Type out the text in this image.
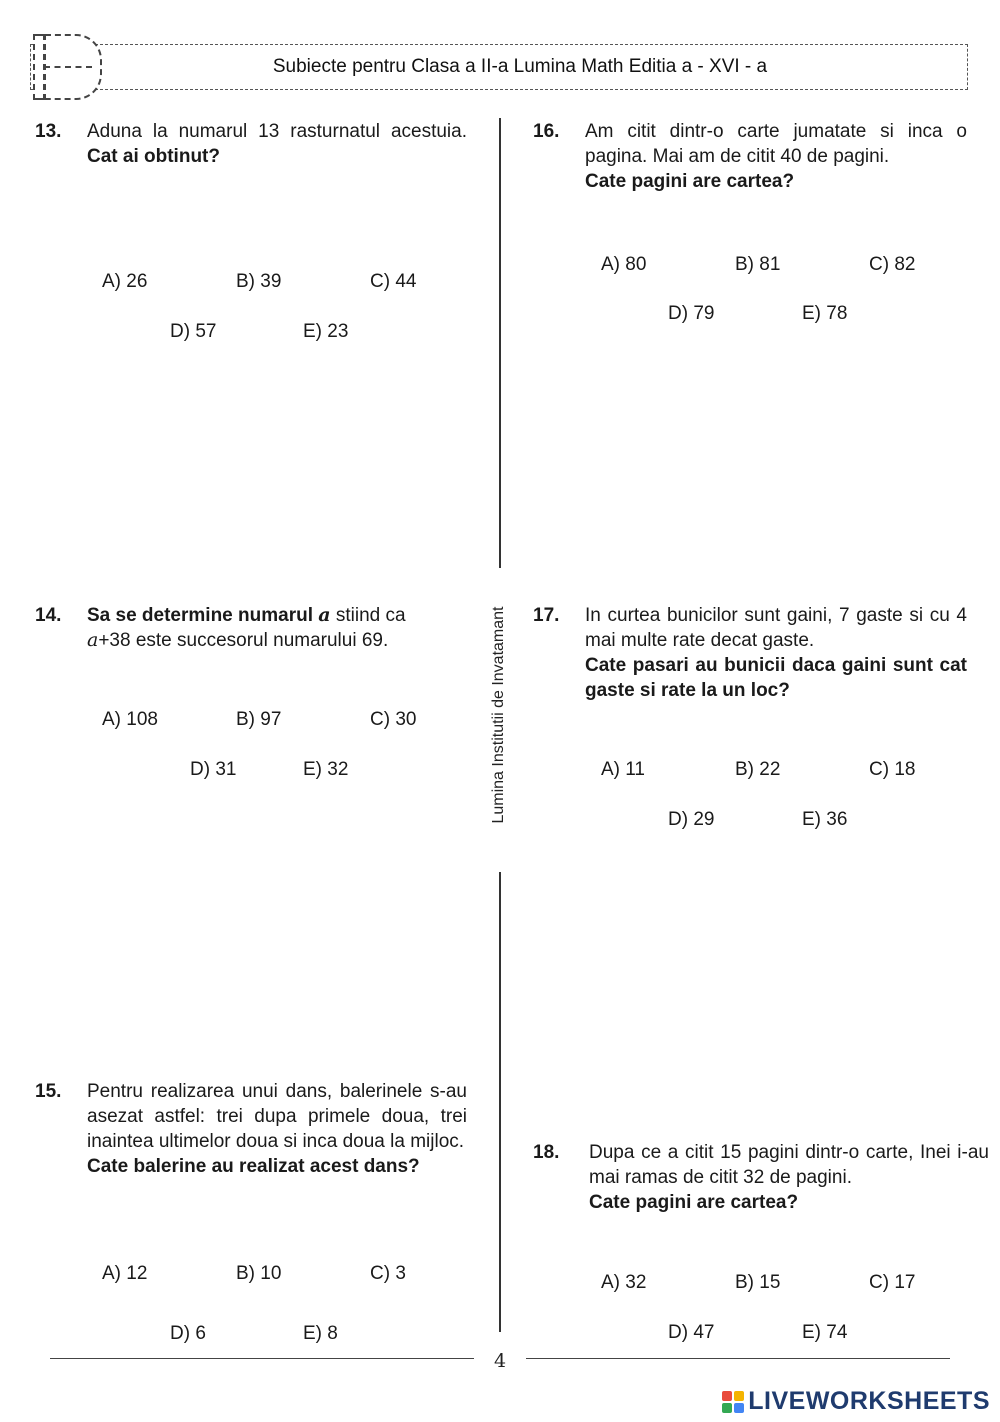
Subiecte pentru Clasa a II-a Lumina Math Editia a - XVI - a
Lumina Institutii de Invatamant
13. Aduna la numarul 13 rasturnatul acestuia. Cat ai obtinut?
A) 26	B) 39	C) 44
D) 57	E) 23
14. Sa se determine numarul a stiind ca
a+38 este succesorul numarului 69.
A) 108	B) 97	C) 30
D) 31	E) 32
15. Pentru realizarea unui dans, balerinele s-au asezat astfel: trei dupa primele doua, trei inaintea ultimelor doua si inca doua la mijloc.
Cate balerine au realizat acest dans?
A) 12	B) 10	C) 3
D) 6	E) 8
16. Am citit dintr-o carte jumatate si inca o pagina. Mai am de citit 40 de pagini.
Cate pagini are cartea?
A) 80	B) 81	C) 82
D) 79	E) 78
17. In curtea bunicilor sunt gaini, 7 gaste si cu 4 mai multe rate decat gaste.
Cate pasari au bunicii daca gaini sunt cat gaste si rate la un loc?
A) 11	B) 22	C) 18
D) 29	E) 36
18. Dupa ce a citit 15 pagini dintr-o carte, Inei i-au mai ramas de citit 32 de pagini.
Cate pagini are cartea?
A) 32	B) 15	C) 17
D) 47	E) 74
4
LIVEWORKSHEETS
